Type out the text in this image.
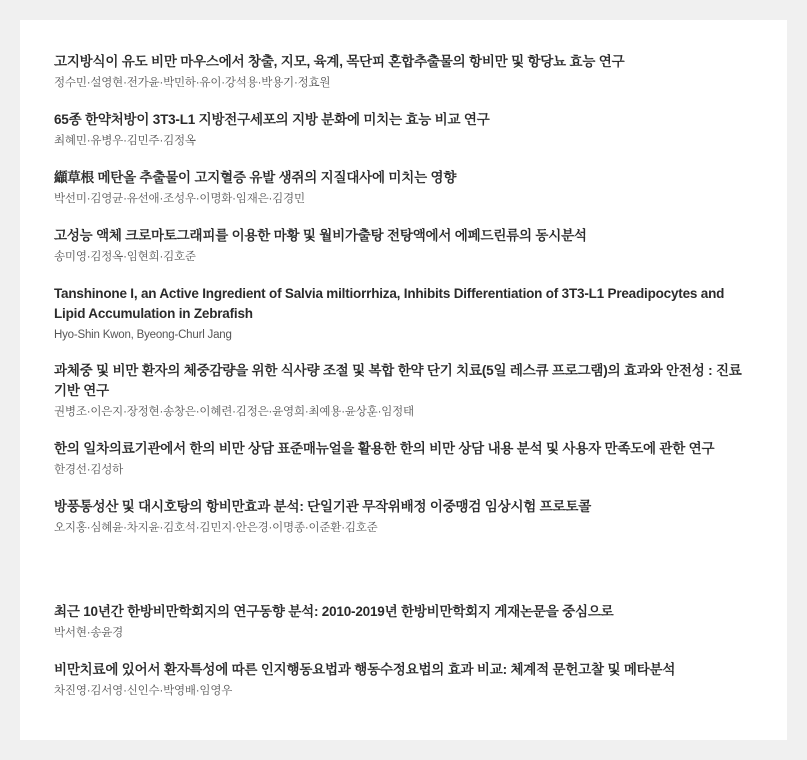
고지방식이 유도 비만 마우스에서 창출, 지모, 육계, 목단피 혼합추출물의 항비만 및 항당뇨 효능 연구
정수민·설영현·전가윤·박민하·유이·강석용·박용기·정효원
65종 한약처방이 3T3-L1 지방전구세포의 지방 분화에 미치는 효능 비교 연구
최혜민·유병우·김민주·김정옥
纈草根 메탄올 추출물이 고지혈증 유발 생쥐의 지질대사에 미치는 영향
박선미·김영균·유선애·조성우·이명화·임재은·김경민
고성능 액체 크로마토그래피를 이용한 마황 및 월비가출탕 전탕액에서 에페드린류의 동시분석
송미영·김정옥·임현희·김호준
Tanshinone I, an Active Ingredient of Salvia miltiorrhiza, Inhibits Differentiation of 3T3-L1 Preadipocytes and Lipid Accumulation in Zebrafish
Hyo-Shin Kwon, Byeong-Churl Jang
과체중 및 비만 환자의 체중감량을 위한 식사량 조절 및 복합 한약 단기 치료(5일 레스큐 프로그램)의 효과와 안전성 : 진료기반 연구
권병조·이은지·장정현·송창은·이혜련·김정은·윤영희·최예용·윤상훈·임정태
한의 일차의료기관에서 한의 비만 상담 표준매뉴얼을 활용한 한의 비만 상담 내용 분석 및 사용자 만족도에 관한 연구
한경선·김성하
방풍통성산 및 대시호탕의 항비만효과 분석: 단일기관 무작위배정 이중맹검 임상시험 프로토콜
오지홍·심혜윤·차지윤·김호석·김민지·안은경·이명종·이준환·김호준
최근 10년간 한방비만학회지의 연구동향 분석: 2010-2019년 한방비만학회지 게재논문을 중심으로
박서현·송윤경
비만치료에 있어서 환자특성에 따른 인지행동요법과 행동수정요법의 효과 비교: 체계적 문헌고찰 및 메타분석
차진영·김서영·신인수·박영배·임영우
